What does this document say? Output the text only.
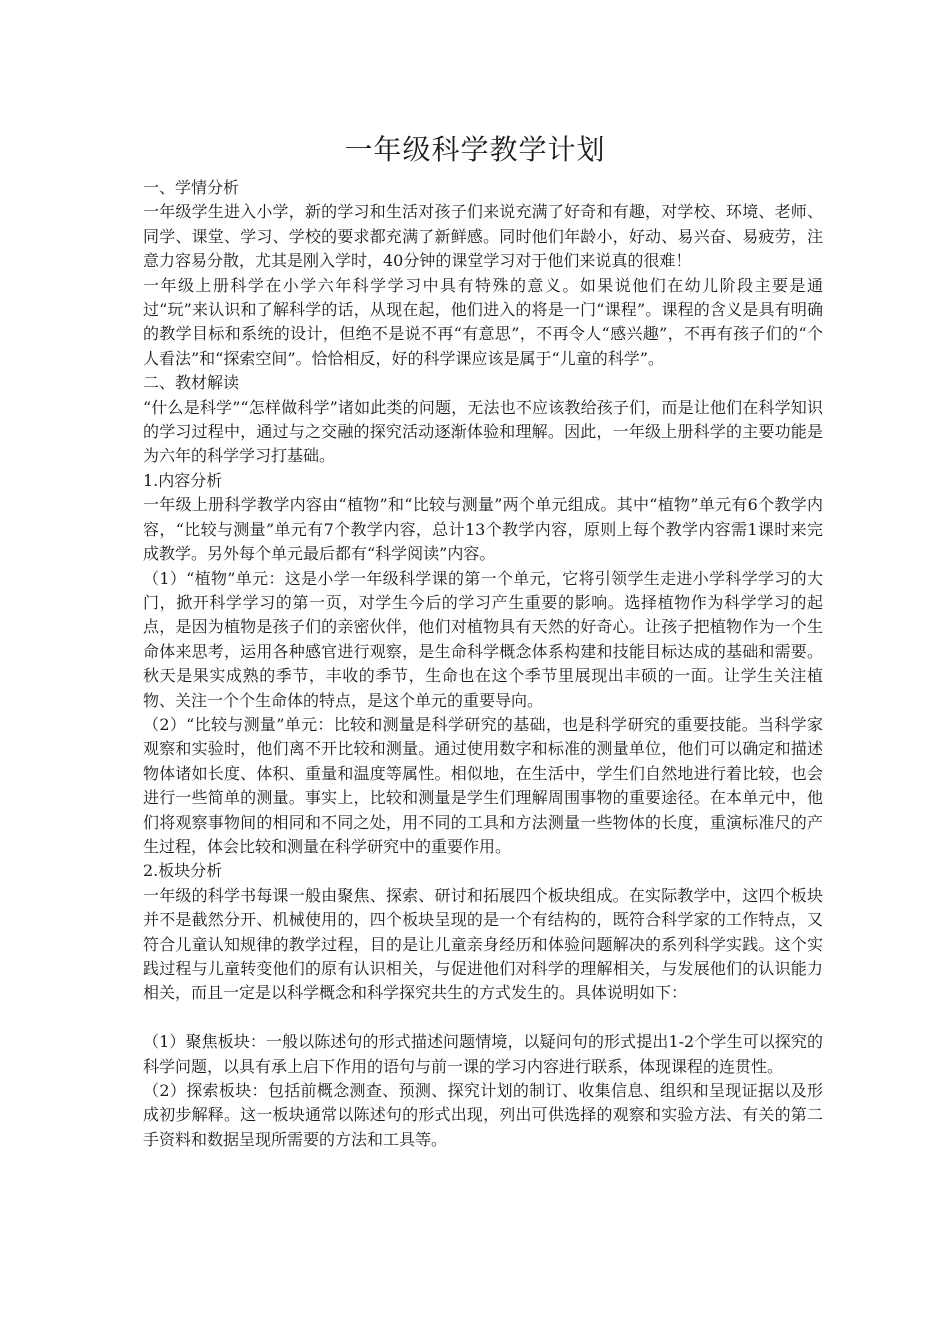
一年级科学教学计划

一、学情分析

一年级学生进入小学，新的学习和生活对孩子们来说充满了好奇和有趣，对学校、环境、老师、同学、课堂、学习、学校的要求都充满了新鲜感。同时他们年龄小，好动、易兴奋、易疲劳，注意力容易分散，尤其是刚入学时，40分钟的课堂学习对于他们来说真的很难！

一年级上册科学在小学六年科学学习中具有特殊的意义。如果说他们在幼儿阶段主要是通过“玩”来认识和了解科学的话，从现在起，他们进入的将是一门“课程”。课程的含义是具有明确的教学目标和系统的设计，但绝不是说不再“有意思”，不再令人“感兴趣”，不再有孩子们的“个人看法”和“探索空间”。恰恰相反，好的科学课应该是属于“儿童的科学”。

二、教材解读

“什么是科学”“怎样做科学”诸如此类的问题，无法也不应该教给孩子们，而是让他们在科学知识的学习过程中，通过与之交融的探究活动逐渐体验和理解。因此，一年级上册科学的主要功能是为六年的科学学习打基础。

1.内容分析

一年级上册科学教学内容由“植物”和“比较与测量”两个单元组成。其中“植物”单元有6个教学内容，“比较与测量”单元有7个教学内容，总计13个教学内容，原则上每个教学内容需1课时来完成教学。另外每个单元最后都有“科学阅读”内容。

（1）“植物”单元：这是小学一年级科学课的第一个单元，它将引领学生走进小学科学学习的大门，掀开科学学习的第一页，对学生今后的学习产生重要的影响。选择植物作为科学学习的起点，是因为植物是孩子们的亲密伙伴，他们对植物具有天然的好奇心。让孩子把植物作为一个生命体来思考，运用各种感官进行观察，是生命科学概念体系构建和技能目标达成的基础和需要。秋天是果实成熟的季节，丰收的季节，生命也在这个季节里展现出丰硕的一面。让学生关注植物、关注一个个生命体的特点，是这个单元的重要导向。

（2）“比较与测量”单元：比较和测量是科学研究的基础，也是科学研究的重要技能。当科学家观察和实验时，他们离不开比较和测量。通过使用数字和标准的测量单位，他们可以确定和描述物体诸如长度、体积、重量和温度等属性。相似地，在生活中，学生们自然地进行着比较，也会进行一些简单的测量。事实上，比较和测量是学生们理解周围事物的重要途径。在本单元中，他们将观察事物间的相同和不同之处，用不同的工具和方法测量一些物体的长度，重演标准尺的产生过程，体会比较和测量在科学研究中的重要作用。

2.板块分析

一年级的科学书每课一般由聚焦、探索、研讨和拓展四个板块组成。在实际教学中，这四个板块并不是截然分开、机械使用的，四个板块呈现的是一个有结构的，既符合科学家的工作特点，又符合儿童认知规律的教学过程，目的是让儿童亲身经历和体验问题解决的系列科学实践。这个实践过程与儿童转变他们的原有认识相关，与促进他们对科学的理解相关，与发展他们的认识能力相关，而且一定是以科学概念和科学探究共生的方式发生的。具体说明如下：

（1）聚焦板块：一般以陈述句的形式描述问题情境，以疑问句的形式提出1-2个学生可以探究的科学问题，以具有承上启下作用的语句与前一课的学习内容进行联系，体现课程的连贯性。

（2）探索板块：包括前概念测查、预测、探究计划的制订、收集信息、组织和呈现证据以及形成初步解释。这一板块通常以陈述句的形式出现，列出可供选择的观察和实验方法、有关的第二手资料和数据呈现所需要的方法和工具等。
